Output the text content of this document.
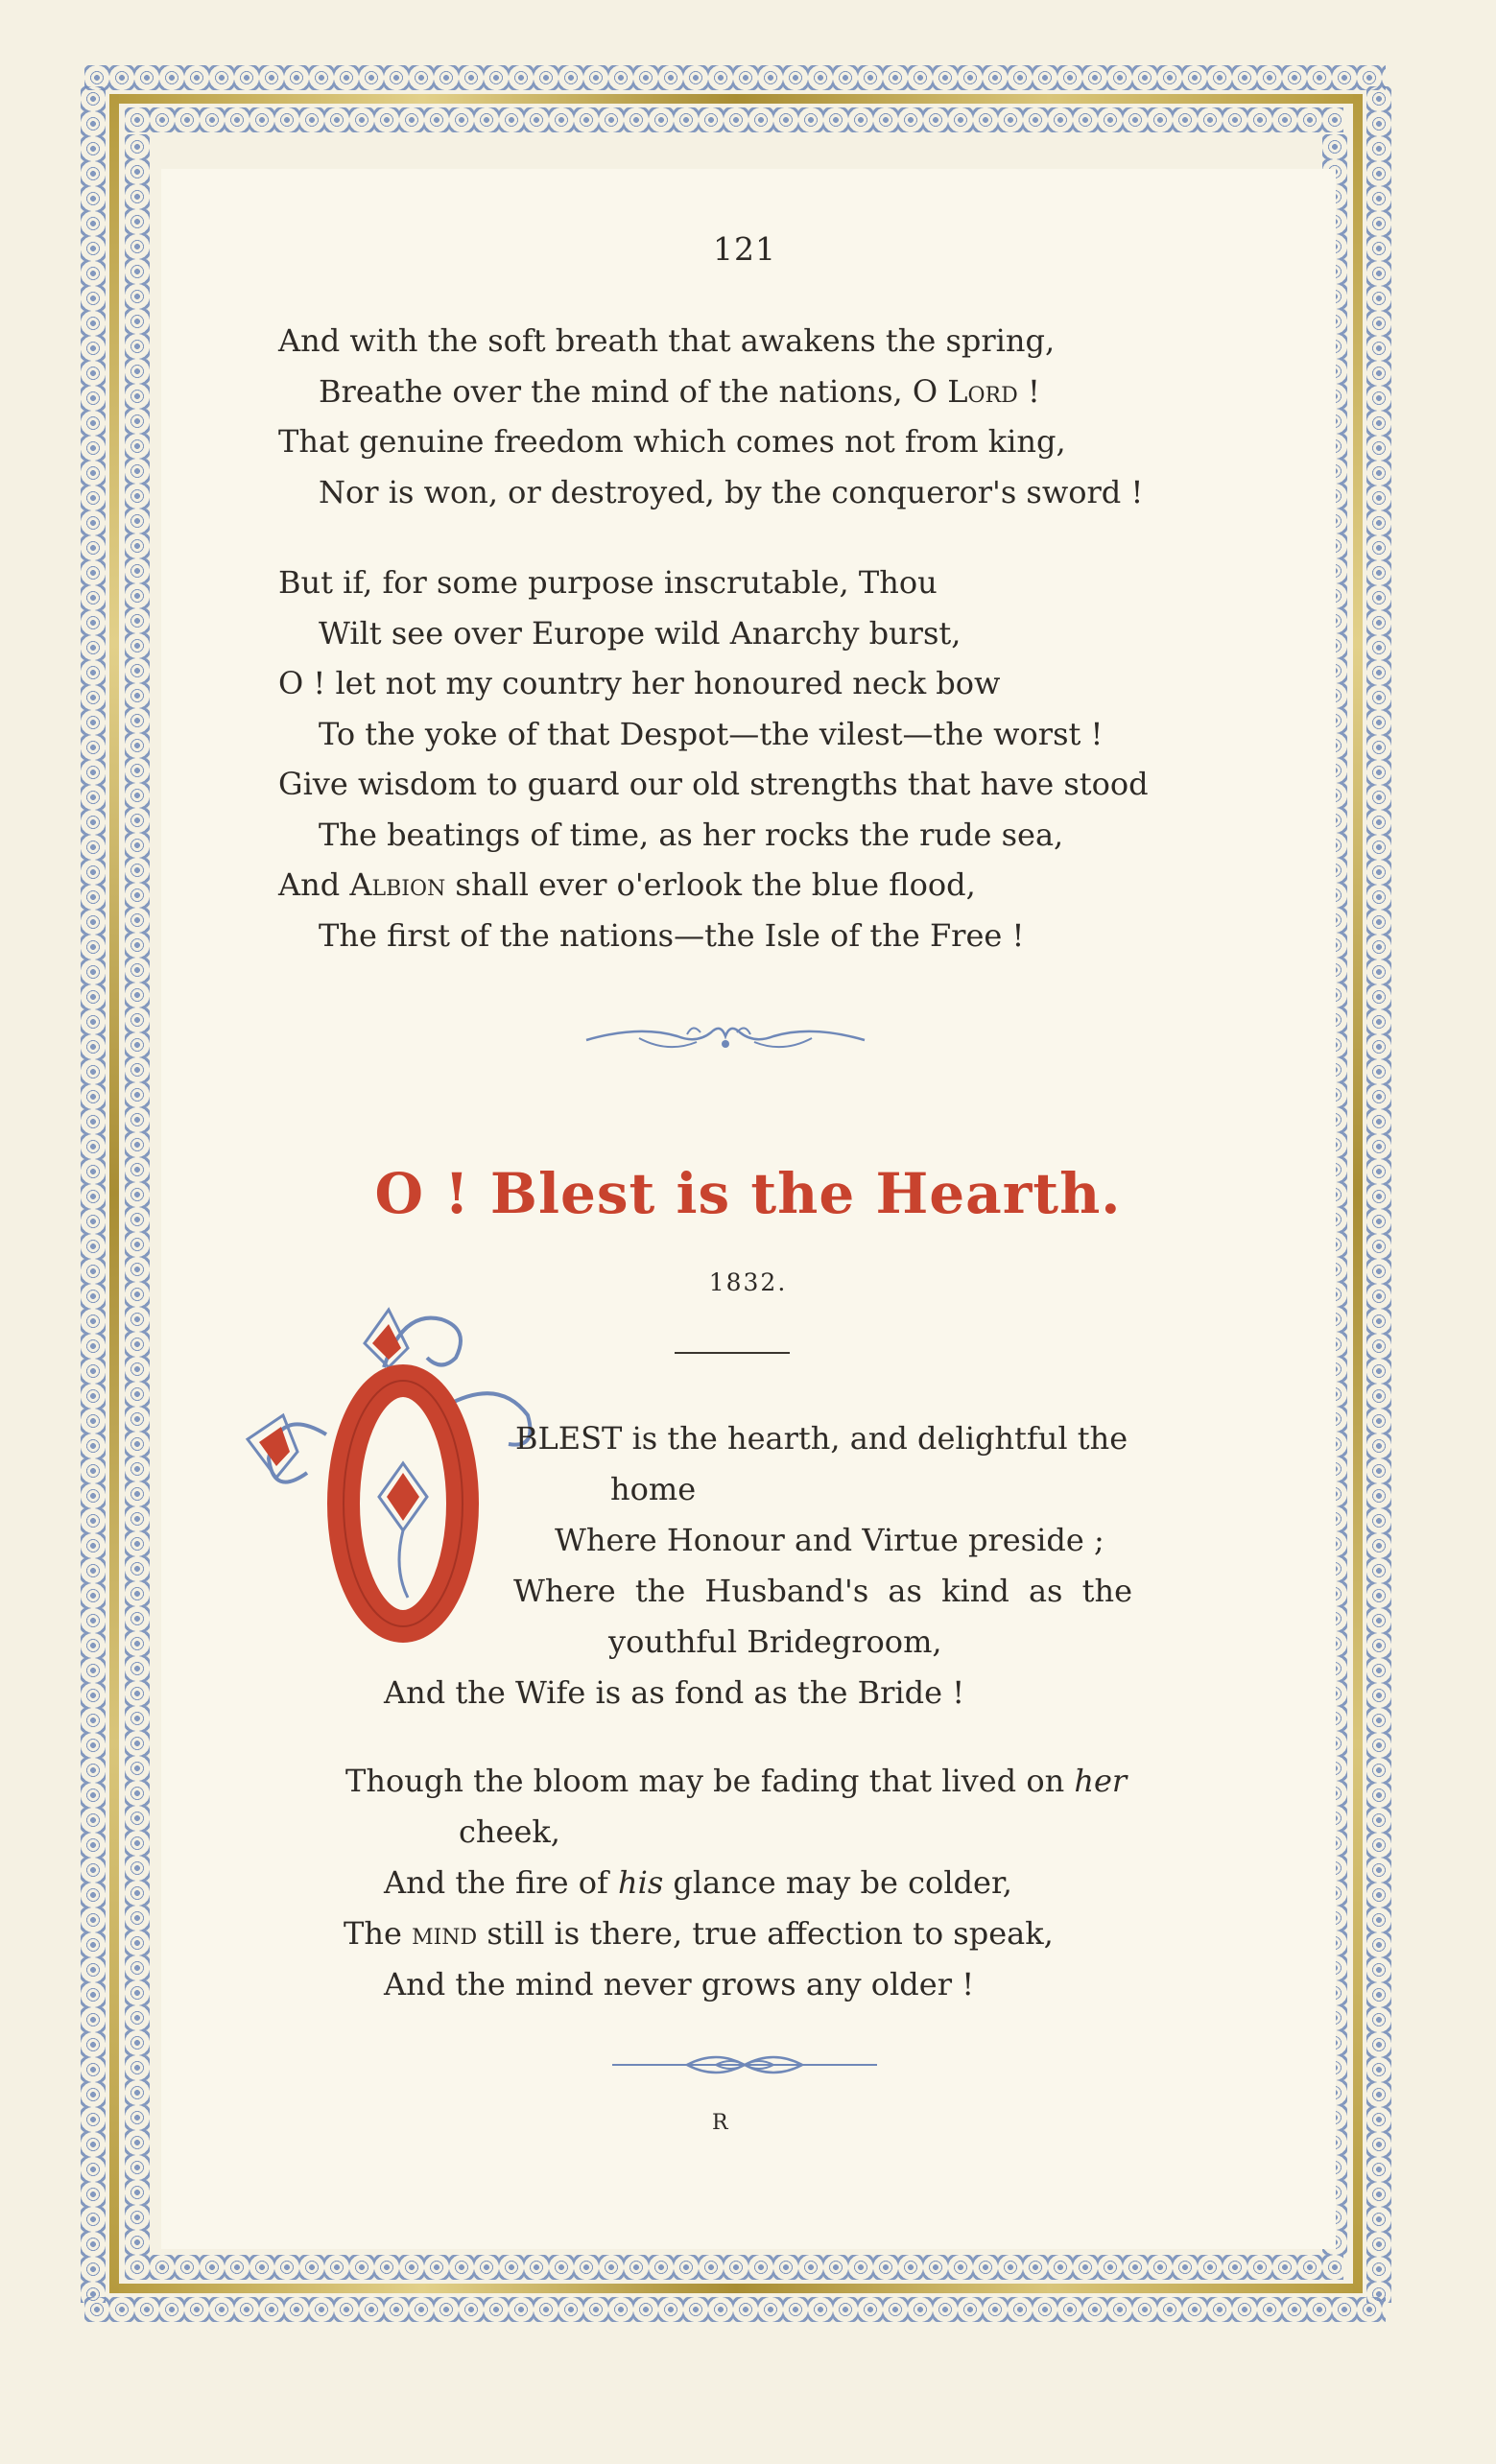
121
And with the soft breath that awakens the spring,
Breathe over the mind of the nations, O Lord !
That genuine freedom which comes not from king,
Nor is won, or destroyed, by the conqueror's sword !
But if, for some purpose inscrutable, Thou
Wilt see over Europe wild Anarchy burst,
O ! let not my country her honoured neck bow
To the yoke of that Despot—the vilest—the worst !
Give wisdom to guard our old strengths that have stood
The beatings of time, as her rocks the rude sea,
And Albion shall ever o'erlook the blue flood,
The first of the nations—the Isle of the Free !
O ! Blest is the Hearth.
1832.
BLEST is the hearth, and delightful the
home
Where Honour and Virtue preside ;
Where the Husband's as kind as the
youthful Bridegroom,
And the Wife is as fond as the Bride !
Though the bloom may be fading that lived on her
cheek,
And the fire of his glance may be colder,
The mind still is there, true affection to speak,
And the mind never grows any older !
R
